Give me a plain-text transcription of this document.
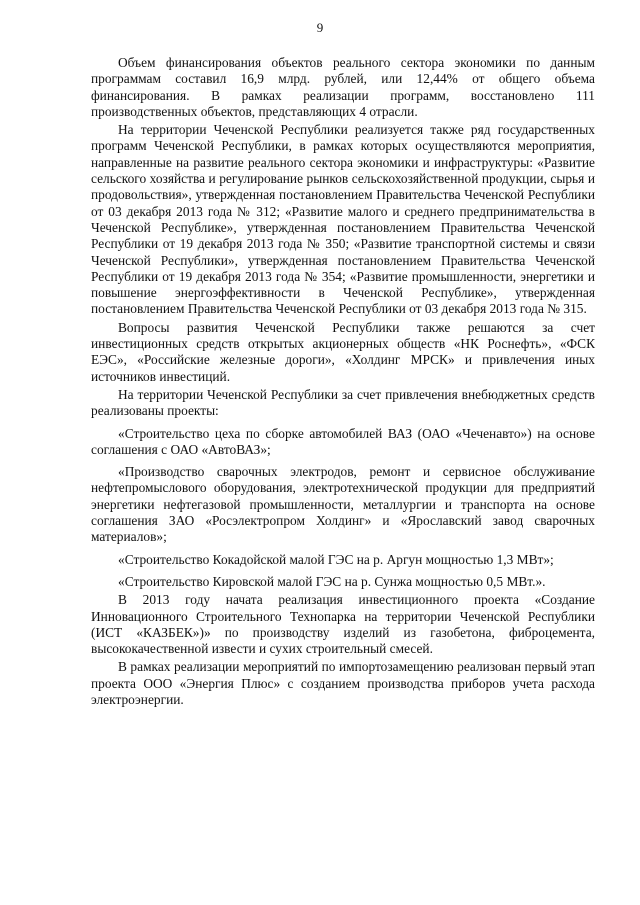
9

Объем финансирования объектов реального сектора экономики по данным программам составил 16,9 млрд. рублей, или 12,44% от общего объема финансирования. В рамках реализации программ, восстановлено 111 производственных объектов, представляющих 4 отрасли.

На территории Чеченской Республики реализуется также ряд государственных программ Чеченской Республики, в рамках которых осуществляются мероприятия, направленные на развитие реального сектора экономики и инфраструктуры: «Развитие сельского хозяйства и регулирование рынков сельскохозяйственной продукции, сырья и продовольствия», утвержденная постановлением Правительства Чеченской Республики от 03 декабря 2013 года № 312; «Развитие малого и среднего предпринимательства в Чеченской Республике», утвержденная постановлением Правительства Чеченской Республики от 19 декабря 2013 года № 350; «Развитие транспортной системы и связи Чеченской Республики», утвержденная постановлением Правительства Чеченской Республики от 19 декабря 2013 года № 354; «Развитие промышленности, энергетики и повышение энергоэффективности в Чеченской Республике», утвержденная постановлением Правительства Чеченской Республики от 03 декабря 2013 года № 315.

Вопросы развития Чеченской Республики также решаются за счет инвестиционных средств открытых акционерных обществ «НК Роснефть», «ФСК ЕЭС», «Российские железные дороги», «Холдинг МРСК» и привлечения иных источников инвестиций.

На территории Чеченской Республики за счет привлечения внебюджетных средств реализованы проекты:

«Строительство цеха по сборке автомобилей ВАЗ (ОАО «Чеченавто») на основе соглашения с ОАО «АвтоВАЗ»;

«Производство сварочных электродов, ремонт и сервисное обслуживание нефтепромыслового оборудования, электротехнической продукции для предприятий энергетики нефтегазовой промышленности, металлургии и транспорта на основе соглашения ЗАО «Росэлектропром Холдинг» и «Ярославский завод сварочных материалов»;

«Строительство Кокадойской малой ГЭС на р. Аргун мощностью 1,3 МВт»;

«Строительство Кировской малой ГЭС на р. Сунжа мощностью 0,5 МВт.».

В 2013 году начата реализация инвестиционного проекта «Создание Инновационного Строительного Технопарка на территории Чеченской Республики (ИСТ «КАЗБЕК»)» по производству изделий из газобетона, фиброцемента, высококачественной извести и сухих строительный смесей.

В рамках реализации мероприятий по импортозамещению реализован первый этап проекта ООО «Энергия Плюс» с созданием производства приборов учета расхода электроэнергии.
